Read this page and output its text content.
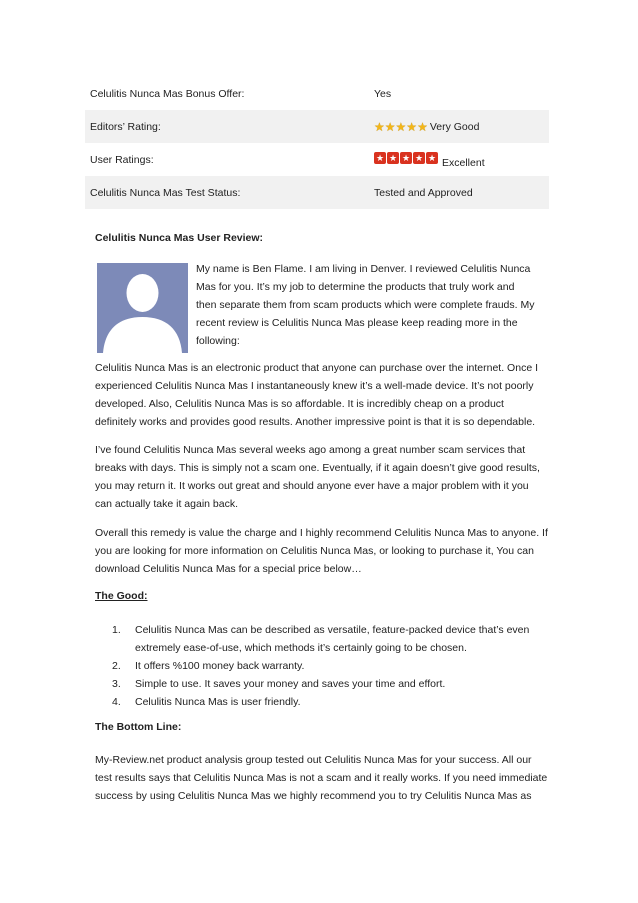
Celulitis Nunca Mas Bonus Offer:	Yes
Editors’ Rating:	★ ★ ★ ★ ★ Very Good
User Ratings:	★ ★ ★ ★ ★ Excellent
Celulitis Nunca Mas Test Status:	Tested and Approved
Celulitis Nunca Mas User Review:
My name is Ben Flame. I am living in Denver. I reviewed Celulitis Nunca
Mas for you. It’s my job to determine the products that truly work and
then separate them from scam products which were complete frauds. My
recent review is Celulitis Nunca Mas please keep reading more in the
following:
Celulitis Nunca Mas is an electronic product that anyone can purchase over the internet. Once I
experienced Celulitis Nunca Mas I instantaneously knew it’s a well-made device. It’s not poorly
developed. Also, Celulitis Nunca Mas is so affordable. It is incredibly cheap on a product
definitely works and provides good results. Another impressive point is that it is so dependable.
I’ve found Celulitis Nunca Mas several weeks ago among a great number scam services that
breaks with days. This is simply not a scam one. Eventually, if it again doesn’t give good results,
you may return it. It works out great and should anyone ever have a major problem with it you
can actually take it again back.
Overall this remedy is value the charge and I highly recommend Celulitis Nunca Mas to anyone. If
you are looking for more information on Celulitis Nunca Mas, or looking to purchase it, You can
download Celulitis Nunca Mas for a special price below…
The Good:
1. Celulitis Nunca Mas can be described as versatile, feature-packed device that’s even
extremely ease-of-use, which methods it’s certainly going to be chosen.
2. It offers %100 money back warranty.
3. Simple to use. It saves your money and saves your time and effort.
4. Celulitis Nunca Mas is user friendly.
The Bottom Line:
My-Review.net product analysis group tested out Celulitis Nunca Mas for your success. All our
test results says that Celulitis Nunca Mas is not a scam and it really works. If you need immediate
success by using Celulitis Nunca Mas we highly recommend you to try Celulitis Nunca Mas as
